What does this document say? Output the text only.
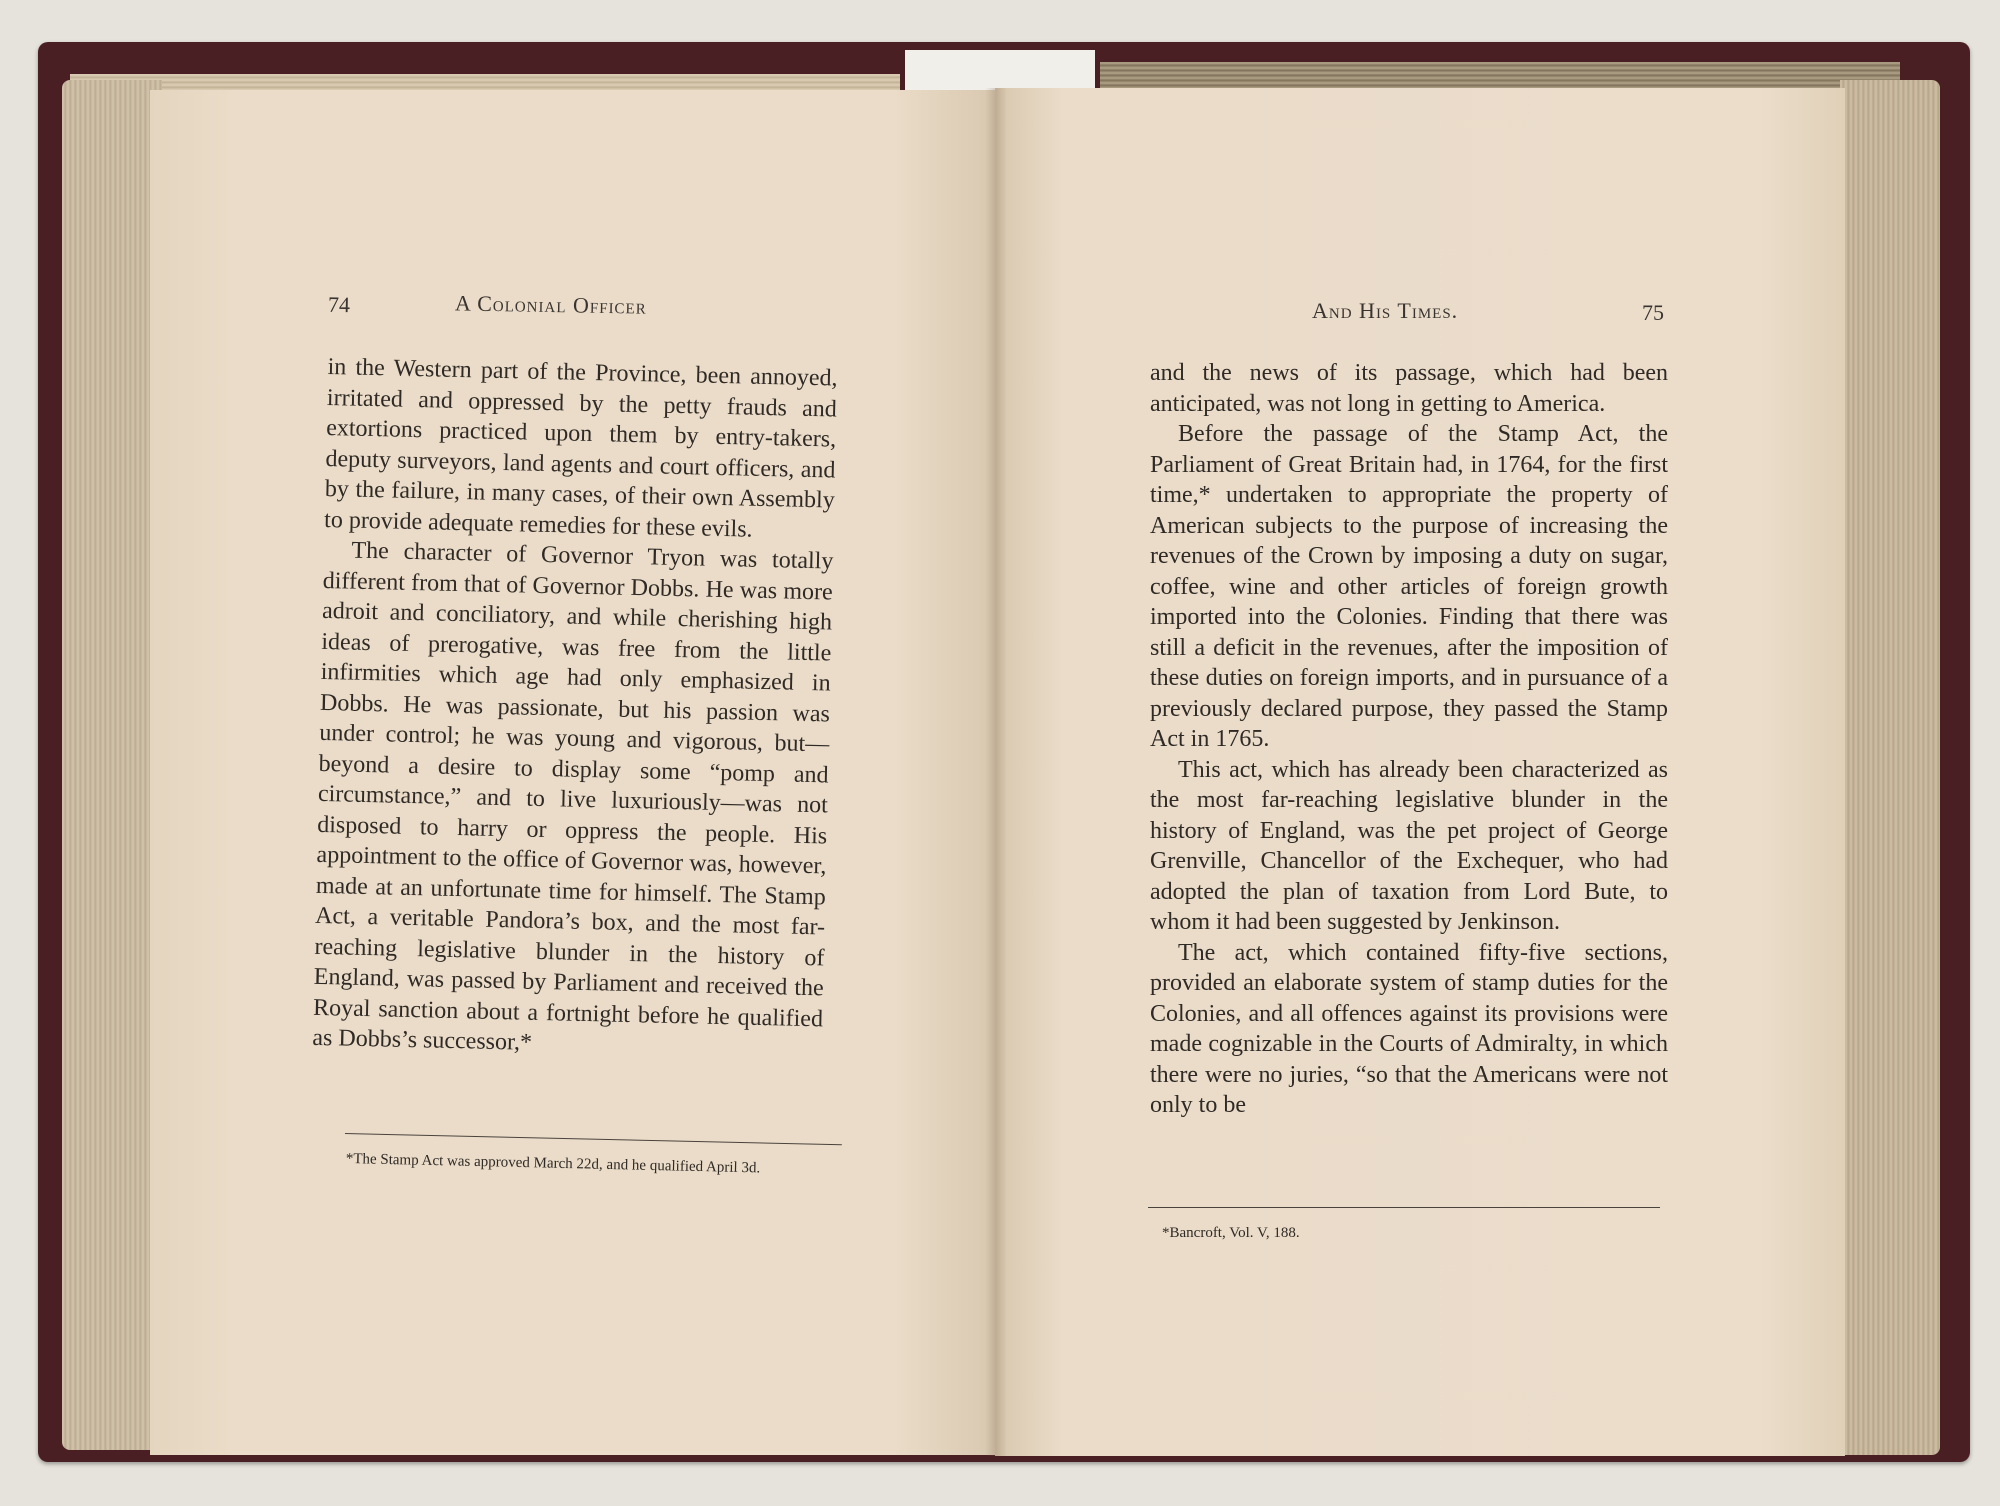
74	A Colonial Officer

in the Western part of the Province, been annoyed, irritated and oppressed by the petty frauds and extortions practiced upon them by entry-takers, deputy surveyors, land agents and court officers, and by the failure, in many cases, of their own Assembly to provide adequate remedies for these evils.

The character of Governor Tryon was totally different from that of Governor Dobbs. He was more adroit and conciliatory, and while cherishing high ideas of prerogative, was free from the little infirmities which age had only emphasized in Dobbs. He was passionate, but his passion was under control; he was young and vigorous, but—beyond a desire to display some “pomp and circumstance,” and to live luxuriously—was not disposed to harry or oppress the people. His appointment to the office of Governor was, however, made at an unfortunate time for himself. The Stamp Act, a veritable Pandora’s box, and the most far-reaching legislative blunder in the history of England, was passed by Parliament and received the Royal sanction about a fortnight before he qualified as Dobbs’s successor,*

*The Stamp Act was approved March 22d, and he qualified April 3d.
And His Times.	75

and the news of its passage, which had been anticipated, was not long in getting to America.

Before the passage of the Stamp Act, the Parliament of Great Britain had, in 1764, for the first time,* undertaken to appropriate the property of American subjects to the purpose of increasing the revenues of the Crown by imposing a duty on sugar, coffee, wine and other articles of foreign growth imported into the Colonies. Finding that there was still a deficit in the revenues, after the imposition of these duties on foreign imports, and in pursuance of a previously declared purpose, they passed the Stamp Act in 1765.

This act, which has already been characterized as the most far-reaching legislative blunder in the history of England, was the pet project of George Grenville, Chancellor of the Exchequer, who had adopted the plan of taxation from Lord Bute, to whom it had been suggested by Jenkinson.

The act, which contained fifty-five sections, provided an elaborate system of stamp duties for the Colonies, and all offences against its provisions were made cognizable in the Courts of Admiralty, in which there were no juries, “so that the Americans were not only to be

*Bancroft, Vol. V, 188.
